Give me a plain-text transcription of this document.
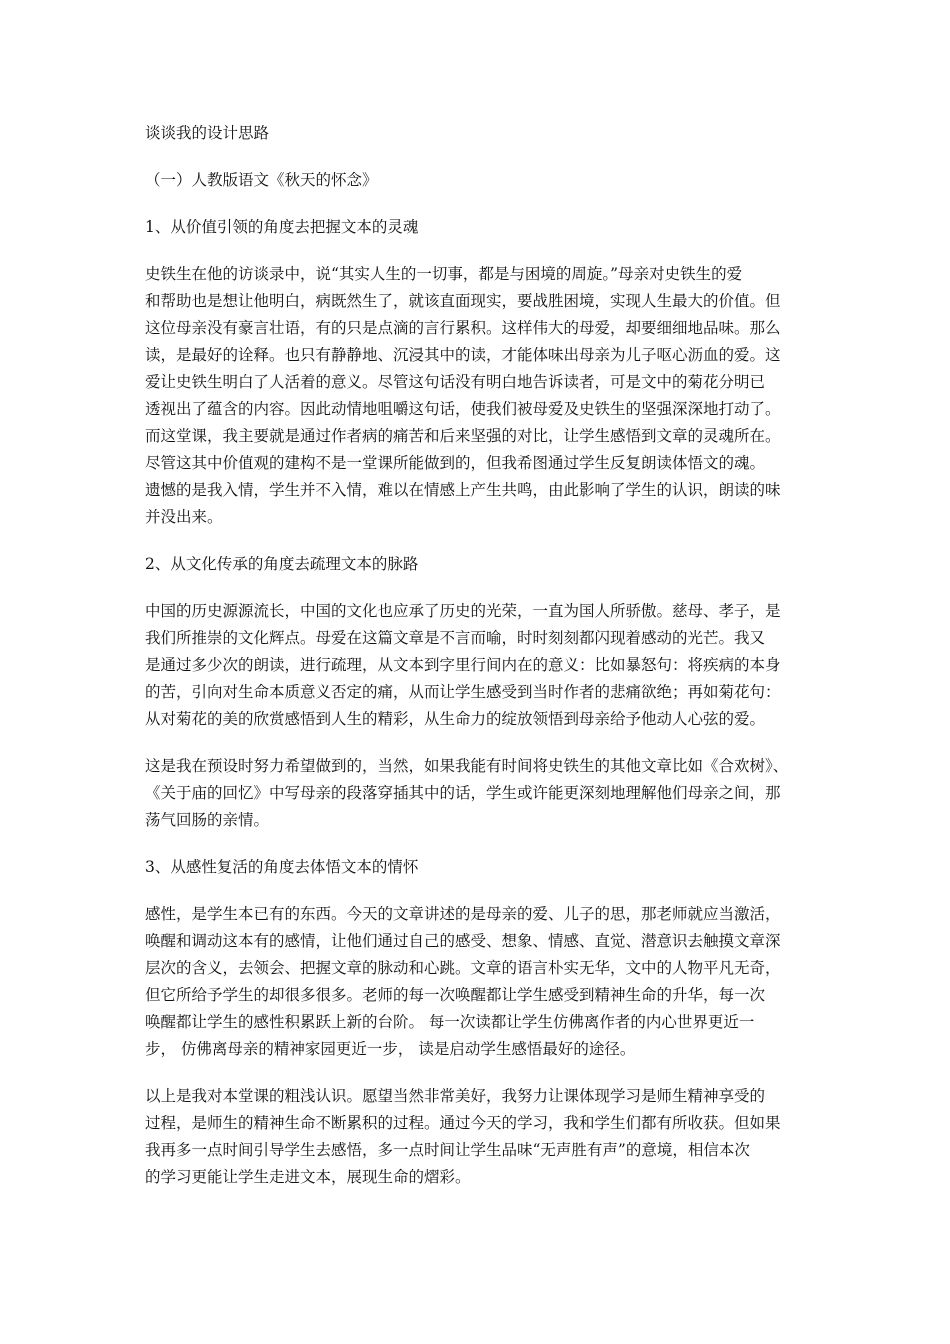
谈谈我的设计思路
（一）人教版语文《秋天的怀念》
1、从价值引领的角度去把握文本的灵魂
史铁生在他的访谈录中，说“其实人生的一切事，都是与困境的周旋。”母亲对史铁生的爱
和帮助也是想让他明白，病既然生了，就该直面现实，要战胜困境，实现人生最大的价值。但
这位母亲没有豪言壮语，有的只是点滴的言行累积。这样伟大的母爱，却要细细地品味。那么
读，是最好的诠释。也只有静静地、沉浸其中的读，才能体味出母亲为儿子呕心沥血的爱。这
爱让史铁生明白了人活着的意义。尽管这句话没有明白地告诉读者，可是文中的菊花分明已
透视出了蕴含的内容。因此动情地咀嚼这句话，使我们被母爱及史铁生的坚强深深地打动了。
而这堂课，我主要就是通过作者病的痛苦和后来坚强的对比，让学生感悟到文章的灵魂所在。
尽管这其中价值观的建构不是一堂课所能做到的，但我希图通过学生反复朗读体悟文的魂。
遗憾的是我入情，学生并不入情，难以在情感上产生共鸣，由此影响了学生的认识，朗读的味
并没出来。
2、从文化传承的角度去疏理文本的脉路
中国的历史源源流长，中国的文化也应承了历史的光荣，一直为国人所骄傲。慈母、孝子，是
我们所推崇的文化辉点。母爱在这篇文章是不言而喻，时时刻刻都闪现着感动的光芒。我又
是通过多少次的朗读，进行疏理，从文本到字里行间内在的意义：比如暴怒句：将疾病的本身
的苦，引向对生命本质意义否定的痛，从而让学生感受到当时作者的悲痛欲绝；再如菊花句：
从对菊花的美的欣赏感悟到人生的精彩，从生命力的绽放领悟到母亲给予他动人心弦的爱。
这是我在预设时努力希望做到的，当然，如果我能有时间将史铁生的其他文章比如《合欢树》、
《关于庙的回忆》中写母亲的段落穿插其中的话，学生或许能更深刻地理解他们母亲之间，那
荡气回肠的亲情。
3、从感性复活的角度去体悟文本的情怀
感性，是学生本已有的东西。今天的文章讲述的是母亲的爱、儿子的思，那老师就应当激活，
唤醒和调动这本有的感情，让他们通过自己的感受、想象、情感、直觉、潜意识去触摸文章深
层次的含义，去领会、把握文章的脉动和心跳。文章的语言朴实无华，文中的人物平凡无奇，
但它所给予学生的却很多很多。老师的每一次唤醒都让学生感受到精神生命的升华，每一次
唤醒都让学生的感性积累跃上新的台阶。 每一次读都让学生仿佛离作者的内心世界更近一
步， 仿佛离母亲的精神家园更近一步， 读是启动学生感悟最好的途径。
以上是我对本堂课的粗浅认识。愿望当然非常美好，我努力让课体现学习是师生精神享受的
过程，是师生的精神生命不断累积的过程。通过今天的学习，我和学生们都有所收获。但如果
我再多一点时间引导学生去感悟，多一点时间让学生品味“无声胜有声”的意境，相信本次
的学习更能让学生走进文本，展现生命的熠彩。
